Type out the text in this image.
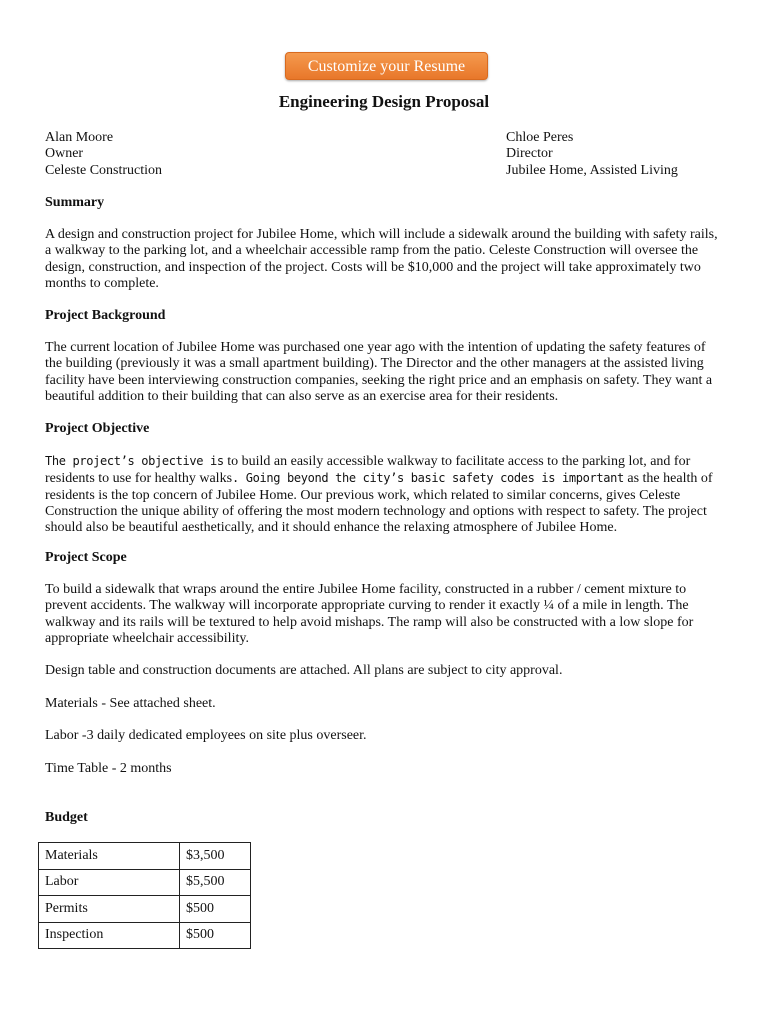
Customize your Resume
Engineering Design Proposal
Alan Moore
Owner
Celeste Construction
Chloe Peres
Director
Jubilee Home, Assisted Living
Summary

A design and construction project for Jubilee Home, which will include a sidewalk around the building with safety rails, a walkway to the parking lot, and a wheelchair accessible ramp from the patio. Celeste Construction will oversee the design, construction, and inspection of the project. Costs will be $10,000 and the project will take approximately two months to complete.

Project Background

The current location of Jubilee Home was purchased one year ago with the intention of updating the safety features of the building (previously it was a small apartment building). The Director and the other managers at the assisted living facility have been interviewing construction companies, seeking the right price and an emphasis on safety. They want a beautiful addition to their building that can also serve as an exercise area for their residents.

Project Objective

The project’s objective is to build an easily accessible walkway to facilitate access to the parking lot, and for residents to use for healthy walks. Going beyond the city’s basic safety codes is important as the health of residents is the top concern of Jubilee Home. Our previous work, which related to similar concerns, gives Celeste Construction the unique ability of offering the most modern technology and options with respect to safety. The project should also be beautiful aesthetically, and it should enhance the relaxing atmosphere of Jubilee Home.

Project Scope

To build a sidewalk that wraps around the entire Jubilee Home facility, constructed in a rubber / cement mixture to prevent accidents. The walkway will incorporate appropriate curving to render it exactly ¼ of a mile in length. The walkway and its rails will be textured to help avoid mishaps. The ramp will also be constructed with a low slope for appropriate wheelchair accessibility.

Design table and construction documents are attached. All plans are subject to city approval.

Materials - See attached sheet.

Labor -3 daily dedicated employees on site plus overseer.

Time Table - 2 months

Budget
Materials	$3,500
Labor	$5,500
Permits	$500
Inspection	$500
